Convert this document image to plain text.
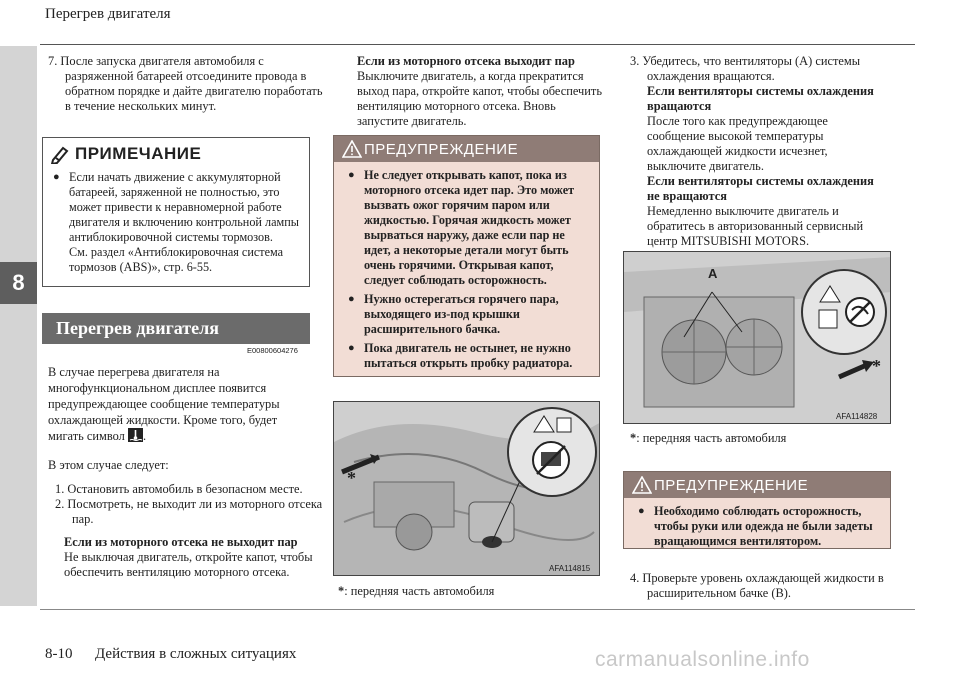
Перегрев двигателя
8
7. После запуска двигателя автомобиля с разряженной батареей отсоедините провода в обратном порядке и дайте двигателю поработать в течение нескольких минут.
ПРИМЕЧАНИЕ
● Если начать движение с аккумуляторной батареей, заряженной не полностью, это может привести к неравномерной работе двигателя и включению контрольной лампы антиблокировочной системы тормозов.
См. раздел «Антиблокировочная система тормозов (ABS)», стр. 6-55.
Перегрев двигателя
E00800604276
В случае перегрева двигателя на многофункциональном дисплее появится предупреждающее сообщение температуры охлаждающей жидкости. Кроме того, будет мигать символ .
В этом случае следует:
1. Остановить автомобиль в безопасном месте.
2. Посмотреть, не выходит ли из моторного отсека пар.
Если из моторного отсека не выходит пар
Не выключая двигатель, откройте капот, чтобы обеспечить вентиляцию моторного отсека.
Если из моторного отсека выходит пар
Выключите двигатель, а когда прекратится выход пара, откройте капот, чтобы обеспечить вентиляцию моторного отсека. Вновь запустите двигатель.
ПРЕДУПРЕЖДЕНИЕ
● Не следует открывать капот, пока из моторного отсека идет пар. Это может вызвать ожог горячим паром или жидкостью. Горячая жидкость может вырваться наружу, даже если пар не идет, а некоторые детали могут быть очень горячими. Открывая капот, следует соблюдать осторожность.
● Нужно остерегаться горячего пара, выходящего из-под крышки расширительного бачка.
● Пока двигатель не остынет, не нужно пытаться открыть пробку радиатора.
*
AFA114815
*: передняя часть автомобиля
3. Убедитесь, что вентиляторы (A) системы охлаждения вращаются.
Если вентиляторы системы охлаждения вращаются
После того как предупреждающее сообщение высокой температуры охлаждающей жидкости исчезнет, выключите двигатель.
Если вентиляторы системы охлаждения не вращаются
Немедленно выключите двигатель и обратитесь в авторизованный сервисный центр MITSUBISHI MOTORS.
A
*
AFA114828
*: передняя часть автомобиля
ПРЕДУПРЕЖДЕНИЕ
● Необходимо соблюдать осторожность, чтобы руки или одежда не были задеты вращающимся вентилятором.
4. Проверьте уровень охлаждающей жидкости в расширительном бачке (B).
8-10 Действия в сложных ситуациях	carmanualsonline.info
